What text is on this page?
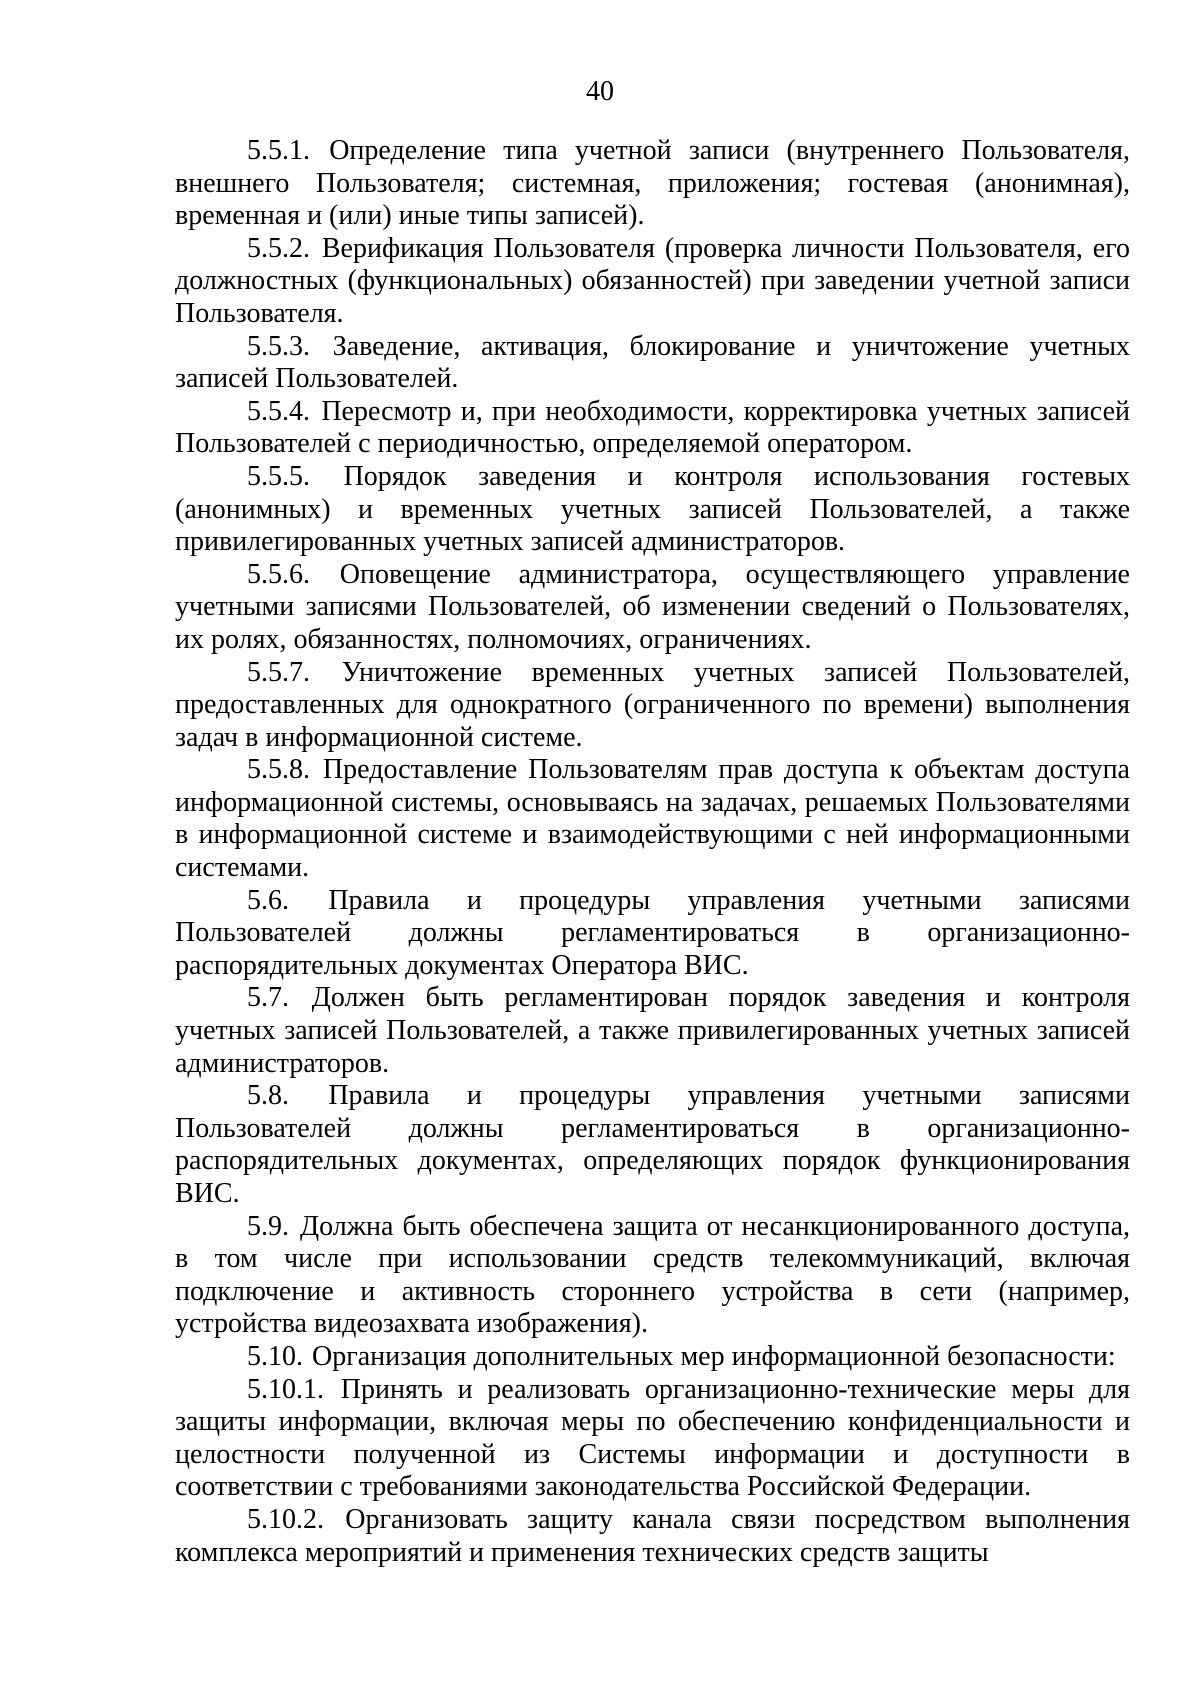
40

5.5.1. Определение типа учетной записи (внутреннего Пользователя, внешнего Пользователя; системная, приложения; гостевая (анонимная), временная и (или) иные типы записей).

5.5.2. Верификация Пользователя (проверка личности Пользователя, его должностных (функциональных) обязанностей) при заведении учетной записи Пользователя.

5.5.3. Заведение, активация, блокирование и уничтожение учетных записей Пользователей.

5.5.4. Пересмотр и, при необходимости, корректировка учетных записей Пользователей с периодичностью, определяемой оператором.

5.5.5. Порядок заведения и контроля использования гостевых (анонимных) и временных учетных записей Пользователей, а также привилегированных учетных записей администраторов.

5.5.6. Оповещение администратора, осуществляющего управление учетными записями Пользователей, об изменении сведений о Пользователях, их ролях, обязанностях, полномочиях, ограничениях.

5.5.7. Уничтожение временных учетных записей Пользователей, предоставленных для однократного (ограниченного по времени) выполнения задач в информационной системе.

5.5.8. Предоставление Пользователям прав доступа к объектам доступа информационной системы, основываясь на задачах, решаемых Пользователями в информационной системе и взаимодействующими с ней информационными системами.

5.6. Правила и процедуры управления учетными записями Пользователей должны регламентироваться в организационно-распорядительных документах Оператора ВИС.

5.7. Должен быть регламентирован порядок заведения и контроля учетных записей Пользователей, а также привилегированных учетных записей администраторов.

5.8. Правила и процедуры управления учетными записями Пользователей должны регламентироваться в организационно-распорядительных документах, определяющих порядок функционирования ВИС.

5.9. Должна быть обеспечена защита от несанкционированного доступа, в том числе при использовании средств телекоммуникаций, включая подключение и активность стороннего устройства в сети (например, устройства видеозахвата изображения).

5.10. Организация дополнительных мер информационной безопасности:

5.10.1. Принять и реализовать организационно-технические меры для защиты информации, включая меры по обеспечению конфиденциальности и целостности полученной из Системы информации и доступности в соответствии с требованиями законодательства Российской Федерации.

5.10.2. Организовать защиту канала связи посредством выполнения комплекса мероприятий и применения технических средств защиты
